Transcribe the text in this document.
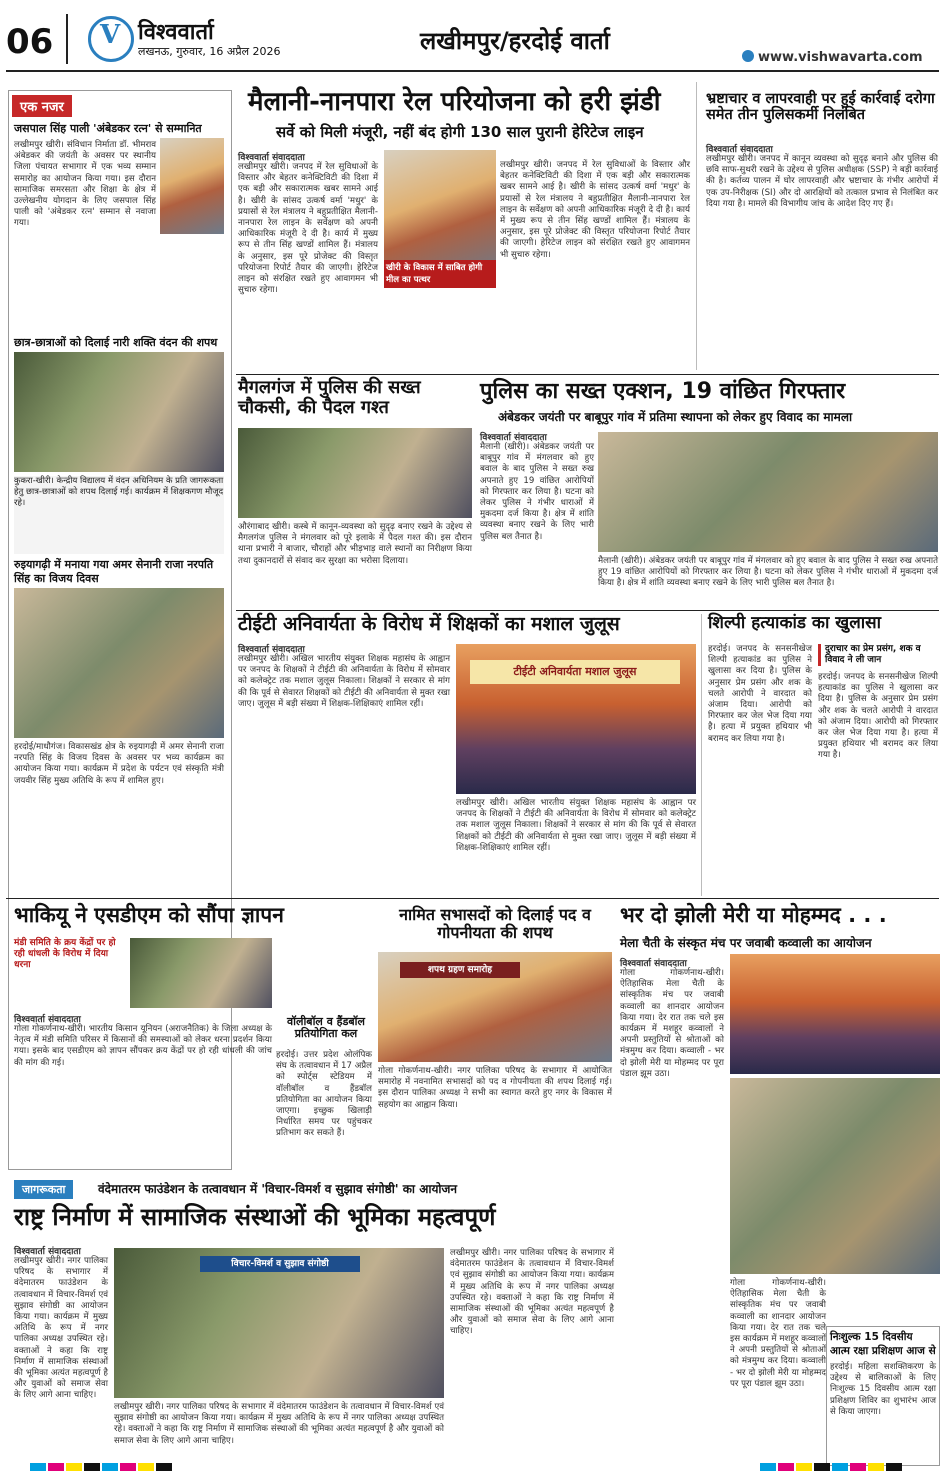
06 V विश्ववार्ता
लखनऊ, गुरुवार, 16 अप्रैल 2026	लखीमपुर/हरदोई वार्ता
www.vishwavarta.com
एक नजर
जसपाल सिंह पाली 'अंबेडकर रत्न' से सम्मानित
लखीमपुर खीरी। संविधान निर्माता डॉ. भीमराव अंबेडकर की जयंती के अवसर पर स्थानीय जिला पंचायत सभागार में एक भव्य सम्मान समारोह का आयोजन किया गया। इस दौरान सामाजिक समरसता और शिक्षा के क्षेत्र में उल्लेखनीय योगदान के लिए जसपाल सिंह पाली को 'अंबेडकर रत्न' सम्मान से नवाजा गया।
छात्र-छात्राओं को दिलाई नारी शक्ति वंदन की शपथ
कुकरा-खीरी। केन्द्रीय विद्यालय में वंदन अधिनियम के प्रति जागरूकता हेतु छात्र-छात्राओं को शपथ दिलाई गई। कार्यक्रम में शिक्षकगण मौजूद रहे।
रुइयागढ़ी में मनाया गया अमर सेनानी राजा नरपति सिंह का विजय दिवस
हरदोई/माधौगंज। विकासखंड क्षेत्र के रुइयागढ़ी में अमर सेनानी राजा नरपति सिंह के विजय दिवस के अवसर पर भव्य कार्यक्रम का आयोजन किया गया। कार्यक्रम में प्रदेश के पर्यटन एवं संस्कृति मंत्री जयवीर सिंह मुख्य अतिथि के रूप में शामिल हुए।
मैलानी-नानपारा रेल परियोजना को हरी झंडी
सर्वे को मिली मंजूरी, नहीं बंद होगी 130 साल पुरानी हेरिटेज लाइन
विश्ववार्ता संवाददाता
खीरी के विकास में साबित होगी मील का पत्थर
लखीमपुर खीरी। जनपद में रेल सुविधाओं के विस्तार और बेहतर कनेक्टिविटी की दिशा में एक बड़ी और सकारात्मक खबर सामने आई है। खीरी के सांसद उत्कर्ष वर्मा 'मधुर' के प्रयासों से रेल मंत्रालय ने बहुप्रतीक्षित मैलानी-नानपारा रेल लाइन के सर्वेक्षण को अपनी आधिकारिक मंजूरी दे दी है। कार्य में मुख्य रूप से तीन सिंह खण्डों शामिल हैं। मंत्रालय के अनुसार, इस पूरे प्रोजेक्ट की विस्तृत परियोजना रिपोर्ट तैयार की जाएगी। हेरिटेज लाइन को संरक्षित रखते हुए आवागमन भी सुचारु रहेगा।
लखीमपुर खीरी। जनपद में रेल सुविधाओं के विस्तार और बेहतर कनेक्टिविटी की दिशा में एक बड़ी और सकारात्मक खबर सामने आई है। खीरी के सांसद उत्कर्ष वर्मा 'मधुर' के प्रयासों से रेल मंत्रालय ने बहुप्रतीक्षित मैलानी-नानपारा रेल लाइन के सर्वेक्षण को अपनी आधिकारिक मंजूरी दे दी है। कार्य में मुख्य रूप से तीन सिंह खण्डों शामिल हैं। मंत्रालय के अनुसार, इस पूरे प्रोजेक्ट की विस्तृत परियोजना रिपोर्ट तैयार की जाएगी। हेरिटेज लाइन को संरक्षित रखते हुए आवागमन भी सुचारु रहेगा।
भ्रष्टाचार व लापरवाही पर हुई कार्रवाई दरोगा समेत तीन पुलिसकर्मी निलंबित
विश्ववार्ता संवाददाता
लखीमपुर खीरी। जनपद में कानून व्यवस्था को सुदृढ़ बनाने और पुलिस की छवि साफ-सुथरी रखने के उद्देश्य से पुलिस अधीक्षक (SSP) ने बड़ी कार्रवाई की है। कर्तव्य पालन में घोर लापरवाही और भ्रष्टाचार के गंभीर आरोपों में एक उप-निरीक्षक (SI) और दो आरक्षियों को तत्काल प्रभाव से निलंबित कर दिया गया है। मामले की विभागीय जांच के आदेश दिए गए हैं।
मैगलगंज में पुलिस की सख्त चौकसी, की पैदल गश्त
औरंगाबाद खीरी। कस्बे में कानून-व्यवस्था को सुदृढ़ बनाए रखने के उद्देश्य से मैगलगंज पुलिस ने मंगलवार को पूरे इलाके में पैदल गश्त की। इस दौरान थाना प्रभारी ने बाजार, चौराहों और भीड़भाड़ वाले स्थानों का निरीक्षण किया तथा दुकानदारों से संवाद कर सुरक्षा का भरोसा दिलाया।
पुलिस का सख्त एक्शन, 19 वांछित गिरफ्तार
अंबेडकर जयंती पर बाबूपुर गांव में प्रतिमा स्थापना को लेकर हुए विवाद का मामला
विश्ववार्ता संवाददाता
मैलानी (खीरी)। अंबेडकर जयंती पर बाबूपुर गांव में मंगलवार को हुए बवाल के बाद पुलिस ने सख्त रुख अपनाते हुए 19 वांछित आरोपियों को गिरफ्तार कर लिया है। घटना को लेकर पुलिस ने गंभीर धाराओं में मुकदमा दर्ज किया है। क्षेत्र में शांति व्यवस्था बनाए रखने के लिए भारी पुलिस बल तैनात है।
मैलानी (खीरी)। अंबेडकर जयंती पर बाबूपुर गांव में मंगलवार को हुए बवाल के बाद पुलिस ने सख्त रुख अपनाते हुए 19 वांछित आरोपियों को गिरफ्तार कर लिया है। घटना को लेकर पुलिस ने गंभीर धाराओं में मुकदमा दर्ज किया है। क्षेत्र में शांति व्यवस्था बनाए रखने के लिए भारी पुलिस बल तैनात है।
टीईटी अनिवार्यता के विरोध में शिक्षकों का मशाल जुलूस
विश्ववार्ता संवाददाता
लखीमपुर खीरी। अखिल भारतीय संयुक्त शिक्षक महासंघ के आह्वान पर जनपद के शिक्षकों ने टीईटी की अनिवार्यता के विरोध में सोमवार को कलेक्ट्रेट तक मशाल जुलूस निकाला। शिक्षकों ने सरकार से मांग की कि पूर्व से सेवारत शिक्षकों को टीईटी की अनिवार्यता से मुक्त रखा जाए। जुलूस में बड़ी संख्या में शिक्षक-शिक्षिकाएं शामिल रहीं।
टीईटी अनिवार्यता मशाल जुलूस
लखीमपुर खीरी। अखिल भारतीय संयुक्त शिक्षक महासंघ के आह्वान पर जनपद के शिक्षकों ने टीईटी की अनिवार्यता के विरोध में सोमवार को कलेक्ट्रेट तक मशाल जुलूस निकाला। शिक्षकों ने सरकार से मांग की कि पूर्व से सेवारत शिक्षकों को टीईटी की अनिवार्यता से मुक्त रखा जाए। जुलूस में बड़ी संख्या में शिक्षक-शिक्षिकाएं शामिल रहीं।
शिल्पी हत्याकांड का खुलासा
दुराचार का प्रेम प्रसंग, शक व विवाद ने ली जान
हरदोई। जनपद के सनसनीखेज शिल्पी हत्याकांड का पुलिस ने खुलासा कर दिया है। पुलिस के अनुसार प्रेम प्रसंग और शक के चलते आरोपी ने वारदात को अंजाम दिया। आरोपी को गिरफ्तार कर जेल भेज दिया गया है। हत्या में प्रयुक्त हथियार भी बरामद कर लिया गया है।
हरदोई। जनपद के सनसनीखेज शिल्पी हत्याकांड का पुलिस ने खुलासा कर दिया है। पुलिस के अनुसार प्रेम प्रसंग और शक के चलते आरोपी ने वारदात को अंजाम दिया। आरोपी को गिरफ्तार कर जेल भेज दिया गया है। हत्या में प्रयुक्त हथियार भी बरामद कर लिया गया है।
भाकियू ने एसडीएम को सौंपा ज्ञापन
मंडी समिति के क्रय केंद्रों पर हो रही धांधली के विरोध में दिया धरना
विश्ववार्ता संवाददाता
गोला गोकर्णनाथ-खीरी। भारतीय किसान यूनियन (अराजनैतिक) के जिला अध्यक्ष के नेतृत्व में मंडी समिति परिसर में किसानों की समस्याओं को लेकर धरना प्रदर्शन किया गया। इसके बाद एसडीएम को ज्ञापन सौंपकर क्रय केंद्रों पर हो रही धांधली की जांच की मांग की गई।
वॉलीबॉल व हैंडबॉल प्रतियोगिता कल
हरदोई। उत्तर प्रदेश ओलंपिक संघ के तत्वावधान में 17 अप्रैल को स्पोर्ट्स स्टेडियम में वॉलीबॉल व हैंडबॉल प्रतियोगिता का आयोजन किया जाएगा। इच्छुक खिलाड़ी निर्धारित समय पर पहुंचकर प्रतिभाग कर सकते हैं।
नामित सभासदों को दिलाई पद व गोपनीयता की शपथ
शपथ ग्रहण समारोह
गोला गोकर्णनाथ-खीरी। नगर पालिका परिषद के सभागार में आयोजित समारोह में नवनामित सभासदों को पद व गोपनीयता की शपथ दिलाई गई। इस दौरान पालिका अध्यक्ष ने सभी का स्वागत करते हुए नगर के विकास में सहयोग का आह्वान किया।
भर दो झोली मेरी या मोहम्मद . . .
मेला चैती के संस्कृत मंच पर जवाबी कव्वाली का आयोजन
विश्ववार्ता संवाददाता
गोला गोकर्णनाथ-खीरी। ऐतिहासिक मेला चैती के सांस्कृतिक मंच पर जवाबी कव्वाली का शानदार आयोजन किया गया। देर रात तक चले इस कार्यक्रम में मशहूर कव्वालों ने अपनी प्रस्तुतियों से श्रोताओं को मंत्रमुग्ध कर दिया। कव्वाली - भर दो झोली मेरी या मोहम्मद पर पूरा पंडाल झूम उठा।
गोला गोकर्णनाथ-खीरी। ऐतिहासिक मेला चैती के सांस्कृतिक मंच पर जवाबी कव्वाली का शानदार आयोजन किया गया। देर रात तक चले इस कार्यक्रम में मशहूर कव्वालों ने अपनी प्रस्तुतियों से श्रोताओं को मंत्रमुग्ध कर दिया। कव्वाली - भर दो झोली मेरी या मोहम्मद पर पूरा पंडाल झूम उठा।
निःशुल्क 15 दिवसीय आत्म रक्षा प्रशिक्षण आज से
हरदोई। महिला सशक्तिकरण के उद्देश्य से बालिकाओं के लिए निःशुल्क 15 दिवसीय आत्म रक्षा प्रशिक्षण शिविर का शुभारंभ आज से किया जाएगा।
जागरूकता	वंदेमातरम फाउंडेशन के तत्वावधान में 'विचार-विमर्श व सुझाव संगोष्ठी' का आयोजन
राष्ट्र निर्माण में सामाजिक संस्थाओं की भूमिका महत्वपूर्ण
विश्ववार्ता संवाददाता
लखीमपुर खीरी। नगर पालिका परिषद के सभागार में वंदेमातरम फाउंडेशन के तत्वावधान में विचार-विमर्श एवं सुझाव संगोष्ठी का आयोजन किया गया। कार्यक्रम में मुख्य अतिथि के रूप में नगर पालिका अध्यक्ष उपस्थित रहे। वक्ताओं ने कहा कि राष्ट्र निर्माण में सामाजिक संस्थाओं की भूमिका अत्यंत महत्वपूर्ण है और युवाओं को समाज सेवा के लिए आगे आना चाहिए।
विचार-विमर्श व सुझाव संगोष्ठी
लखीमपुर खीरी। नगर पालिका परिषद के सभागार में वंदेमातरम फाउंडेशन के तत्वावधान में विचार-विमर्श एवं सुझाव संगोष्ठी का आयोजन किया गया। कार्यक्रम में मुख्य अतिथि के रूप में नगर पालिका अध्यक्ष उपस्थित रहे। वक्ताओं ने कहा कि राष्ट्र निर्माण में सामाजिक संस्थाओं की भूमिका अत्यंत महत्वपूर्ण है और युवाओं को समाज सेवा के लिए आगे आना चाहिए।
लखीमपुर खीरी। नगर पालिका परिषद के सभागार में वंदेमातरम फाउंडेशन के तत्वावधान में विचार-विमर्श एवं सुझाव संगोष्ठी का आयोजन किया गया। कार्यक्रम में मुख्य अतिथि के रूप में नगर पालिका अध्यक्ष उपस्थित रहे। वक्ताओं ने कहा कि राष्ट्र निर्माण में सामाजिक संस्थाओं की भूमिका अत्यंत महत्वपूर्ण है और युवाओं को समाज सेवा के लिए आगे आना चाहिए।
